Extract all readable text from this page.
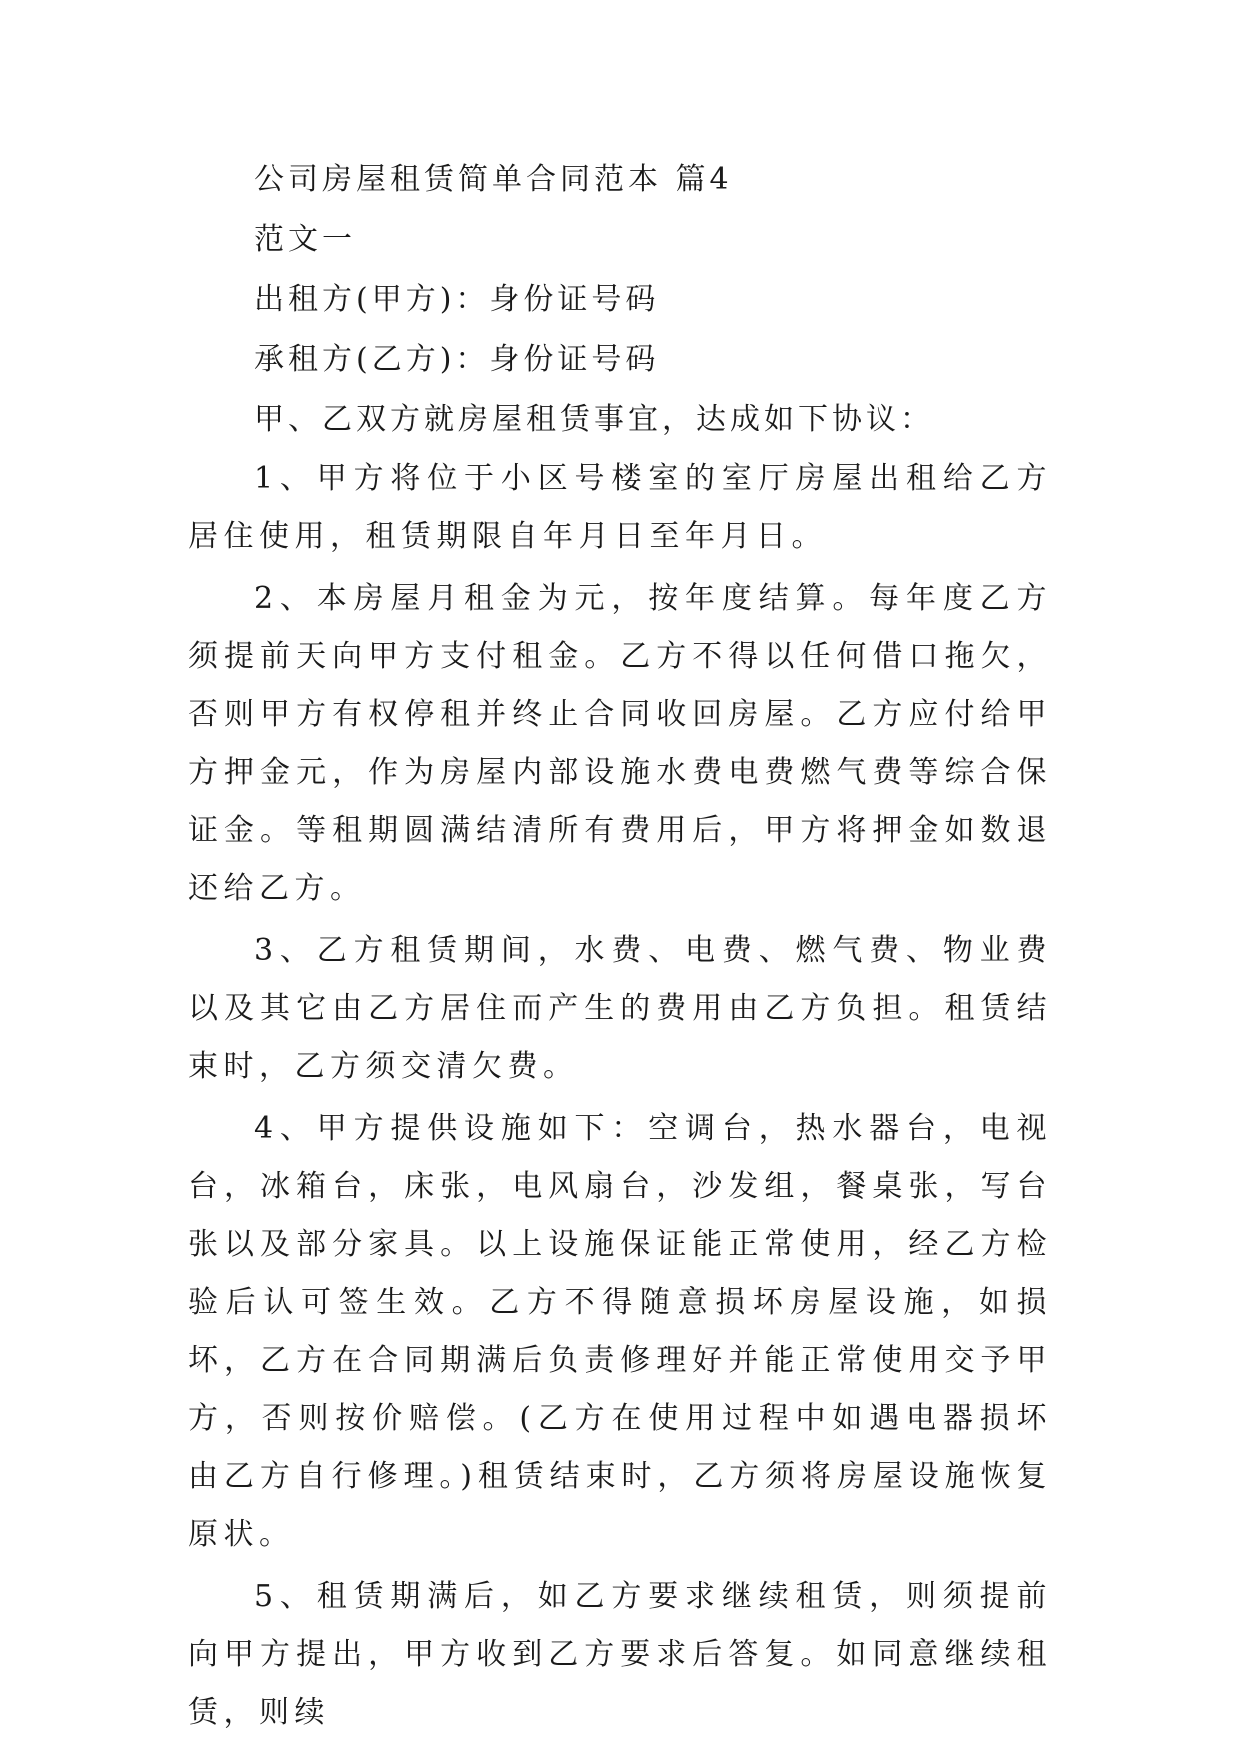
公司房屋租赁简单合同范本 篇4

范文一

出租方(甲方)：身份证号码

承租方(乙方)：身份证号码

甲、乙双方就房屋租赁事宜，达成如下协议：

1、甲方将位于小区号楼室的室厅房屋出租给乙方居住使用，租赁期限自年月日至年月日。

2、本房屋月租金为元，按年度结算。每年度乙方须提前天向甲方支付租金。乙方不得以任何借口拖欠，否则甲方有权停租并终止合同收回房屋。乙方应付给甲方押金元，作为房屋内部设施水费电费燃气费等综合保证金。等租期圆满结清所有费用后，甲方将押金如数退还给乙方。

3、乙方租赁期间，水费、电费、燃气费、物业费以及其它由乙方居住而产生的费用由乙方负担。租赁结束时，乙方须交清欠费。

4、甲方提供设施如下：空调台，热水器台，电视台，冰箱台，床张，电风扇台，沙发组，餐桌张，写台张以及部分家具。以上设施保证能正常使用，经乙方检验后认可签生效。乙方不得随意损坏房屋设施，如损坏，乙方在合同期满后负责修理好并能正常使用交予甲方，否则按价赔偿。(乙方在使用过程中如遇电器损坏由乙方自行修理。)租赁结束时，乙方须将房屋设施恢复原状。

5、租赁期满后，如乙方要求继续租赁，则须提前向甲方提出，甲方收到乙方要求后答复。如同意继续租赁，则续
